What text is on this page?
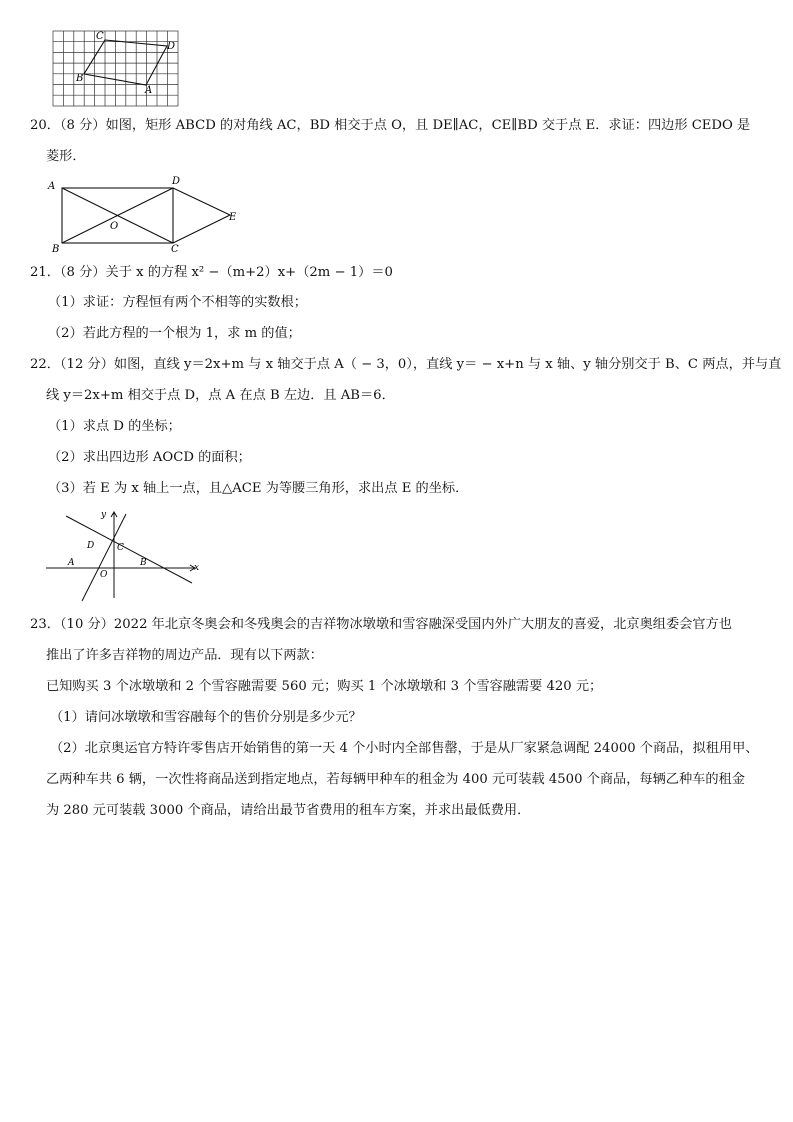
C
D
B
A
20．（8 分）如图，矩形 ABCD 的对角线 AC，BD 相交于点 O，且 DE∥AC，CE∥BD 交于点 E．求证：四边形 CEDO 是
菱形．
A	D
E
O
B	C
21．（8 分）关于 x 的方程 x² −（m+2）x+（2m − 1）＝0
（1）求证：方程恒有两个不相等的实数根；
（2）若此方程的一个根为 1，求 m 的值；
22．（12 分）如图，直线 y＝2x+m 与 x 轴交于点 A（ − 3，0），直线 y＝ − x+n 与 x 轴、y 轴分别交于 B、C 两点，并与直
线 y＝2x+m 相交于点 D，点 A 在点 B 左边．且 AB＝6．
（1）求点 D 的坐标；
（2）求出四边形 AOCD 的面积；
（3）若 E 为 x 轴上一点，且△ACE 为等腰三角形，求出点 E 的坐标．
y
x
D	C
A
O
B
23．（10 分）2022 年北京冬奥会和冬残奥会的吉祥物冰墩墩和雪容融深受国内外广大朋友的喜爱，北京奥组委会官方也
推出了许多吉祥物的周边产品．现有以下两款：
已知购买 3 个冰墩墩和 2 个雪容融需要 560 元；购买 1 个冰墩墩和 3 个雪容融需要 420 元；
（1）请问冰墩墩和雪容融每个的售价分别是多少元？
（2）北京奥运官方特许零售店开始销售的第一天 4 个小时内全部售罄，于是从厂家紧急调配 24000 个商品，拟租用甲、
乙两种车共 6 辆，一次性将商品送到指定地点，若每辆甲种车的租金为 400 元可装载 4500 个商品，每辆乙种车的租金
为 280 元可装载 3000 个商品，请给出最节省费用的租车方案，并求出最低费用．
